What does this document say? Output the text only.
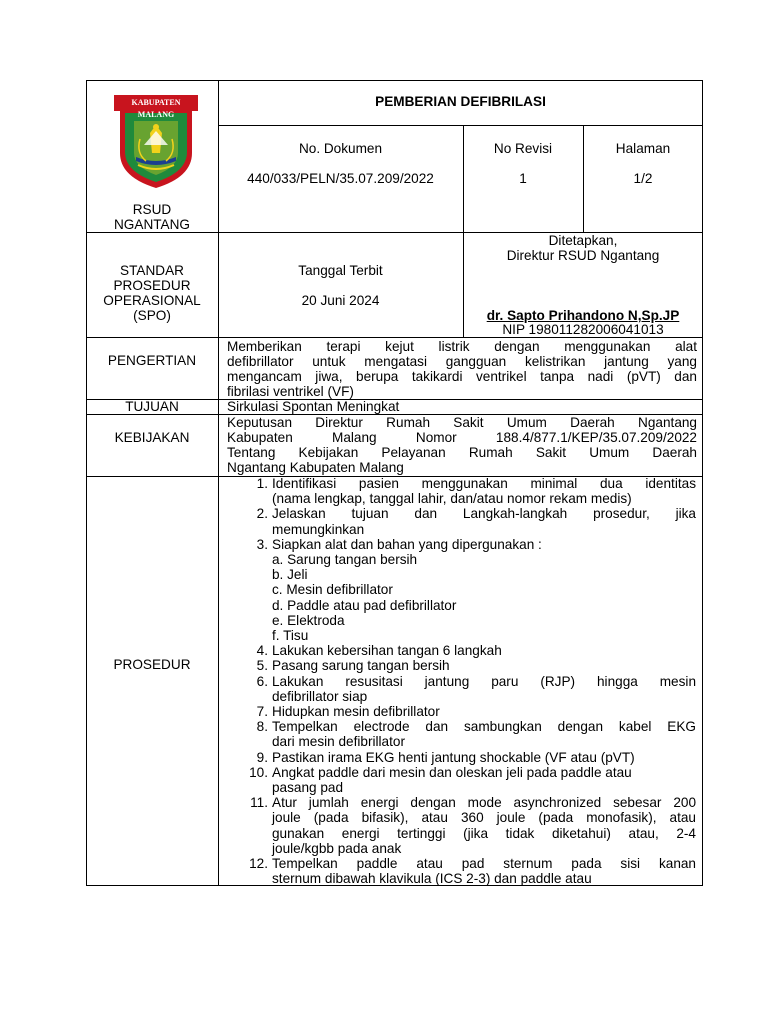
KABUPATEN MALANG
RSUD
NGANTANG
PEMBERIAN DEFIBRILASI
No. Dokumen
440/033/PELN/35.07.209/2022
No Revisi
1
Halaman
1/2
STANDAR
PROSEDUR
OPERASIONAL
(SPO)
Tanggal Terbit
20 Juni 2024
Ditetapkan,
Direktur RSUD Ngantang
dr. Sapto Prihandono N,Sp.JP
NIP 198011282006041013
PENGERTIAN
Memberikan terapi kejut listrik dengan menggunakan alat
defibrillator untuk mengatasi gangguan kelistrikan jantung yang
mengancam jiwa, berupa takikardi ventrikel tanpa nadi (pVT) dan
fibrilasi ventrikel (VF)
TUJUAN	Sirkulasi Spontan Meningkat
KEBIJAKAN
Keputusan Direktur Rumah Sakit Umum Daerah Ngantang
Kabupaten Malang Nomor 188.4/877.1/KEP/35.07.209/2022
Tentang Kebijakan Pelayanan Rumah Sakit Umum Daerah
Ngantang Kabupaten Malang
PROSEDUR
1. Identifikasi pasien menggunakan minimal dua identitas
(nama lengkap, tanggal lahir, dan/atau nomor rekam medis)
2. Jelaskan tujuan dan Langkah-langkah prosedur, jika
memungkinkan
3. Siapkan alat dan bahan yang dipergunakan :
a. Sarung tangan bersih
b. Jeli
c. Mesin defibrillator
d. Paddle atau pad defibrillator
e. Elektroda
f. Tisu
4. Lakukan kebersihan tangan 6 langkah
5. Pasang sarung tangan bersih
6. Lakukan resusitasi jantung paru (RJP) hingga mesin
defibrillator siap
7. Hidupkan mesin defibrillator
8. Tempelkan electrode dan sambungkan dengan kabel EKG
dari mesin defibrillator
9. Pastikan irama EKG henti jantung shockable (VF atau (pVT)
10. Angkat paddle dari mesin dan oleskan jeli pada paddle atau
pasang pad
11. Atur jumlah energi dengan mode asynchronized sebesar 200
joule (pada bifasik), atau 360 joule (pada monofasik), atau
gunakan energi tertinggi (jika tidak diketahui) atau, 2-4
joule/kgbb pada anak
12. Tempelkan paddle atau pad sternum pada sisi kanan
sternum dibawah klavikula (ICS 2-3) dan paddle atau
